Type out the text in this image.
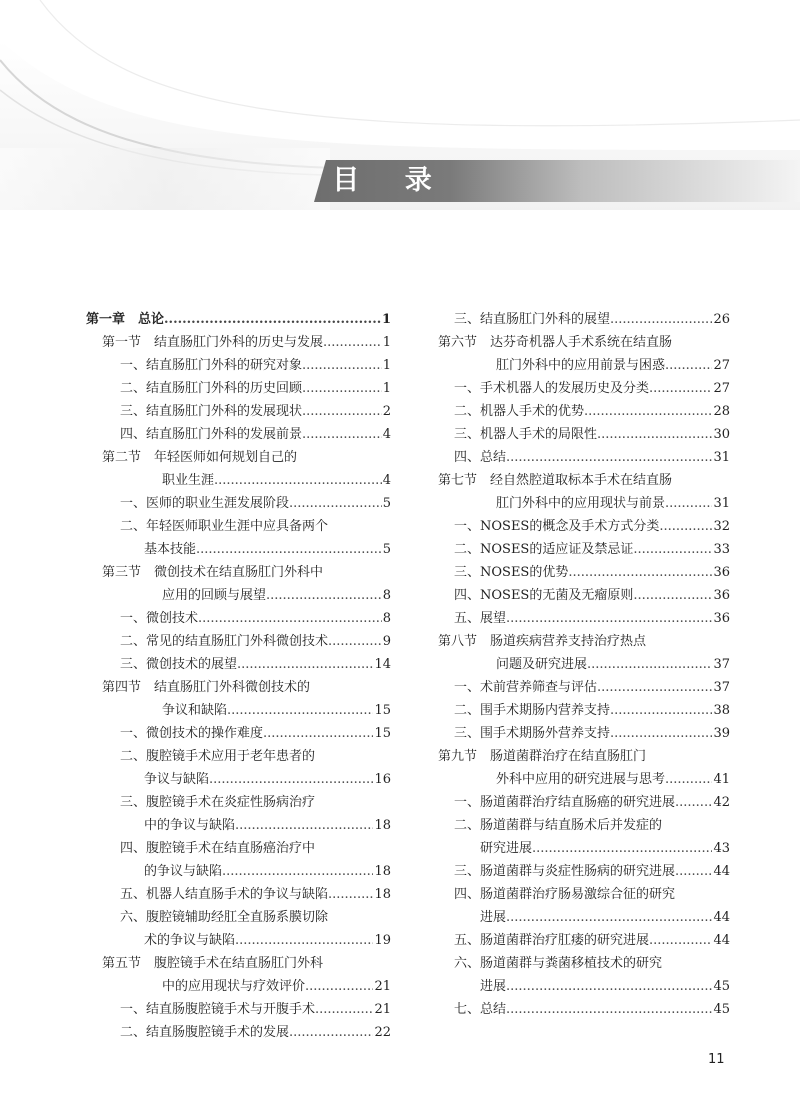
目 录
第一章　总论 .....	1
第一节　结直肠肛门外科的历史与发展 .....	1
一、结直肠肛门外科的研究对象 .....	1
二、结直肠肛门外科的历史回顾 .....	1
三、结直肠肛门外科的发展现状 .....	2
四、结直肠肛门外科的发展前景 .....	4
第二节　年轻医师如何规划自己的
职业生涯 .....	4
一、医师的职业生涯发展阶段 .....	5
二、年轻医师职业生涯中应具备两个
基本技能 .....	5
第三节　微创技术在结直肠肛门外科中
应用的回顾与展望 .....	8
一、微创技术 .....	8
二、常见的结直肠肛门外科微创技术 .....	9
三、微创技术的展望 .....	14
第四节　结直肠肛门外科微创技术的
争议和缺陷 .....	15
一、微创技术的操作难度 .....	15
二、腹腔镜手术应用于老年患者的
争议与缺陷 .....	16
三、腹腔镜手术在炎症性肠病治疗
中的争议与缺陷 .....	18
四、腹腔镜手术在结直肠癌治疗中
的争议与缺陷 .....	18
五、机器人结直肠手术的争议与缺陷 .....	18
六、腹腔镜辅助经肛全直肠系膜切除
术的争议与缺陷 .....	19
第五节　腹腔镜手术在结直肠肛门外科
中的应用现状与疗效评价 .....	21
一、结直肠腹腔镜手术与开腹手术 .....	21
二、结直肠腹腔镜手术的发展 .....	22
三、结直肠肛门外科的展望 .....	26
第六节　达芬奇机器人手术系统在结直肠
肛门外科中的应用前景与困惑 .....	27
一、手术机器人的发展历史及分类 .....	27
二、机器人手术的优势 .....	28
三、机器人手术的局限性 .....	30
四、总结 .....	31
第七节　经自然腔道取标本手术在结直肠
肛门外科中的应用现状与前景 .....	31
一、NOSES的概念及手术方式分类 .....	32
二、NOSES的适应证及禁忌证 .....	33
三、NOSES的优势 .....	36
四、NOSES的无菌及无瘤原则 .....	36
五、展望 .....	36
第八节　肠道疾病营养支持治疗热点
问题及研究进展 .....	37
一、术前营养筛查与评估 .....	37
二、围手术期肠内营养支持 .....	38
三、围手术期肠外营养支持 .....	39
第九节　肠道菌群治疗在结直肠肛门
外科中应用的研究进展与思考 .....	41
一、肠道菌群治疗结直肠癌的研究进展 .....	42
二、肠道菌群与结直肠术后并发症的
研究进展 .....	43
三、肠道菌群与炎症性肠病的研究进展 .....	44
四、肠道菌群治疗肠易激综合征的研究
进展 .....	44
五、肠道菌群治疗肛瘘的研究进展 .....	44
六、肠道菌群与粪菌移植技术的研究
进展 .....	45
七、总结 .....	45
11
